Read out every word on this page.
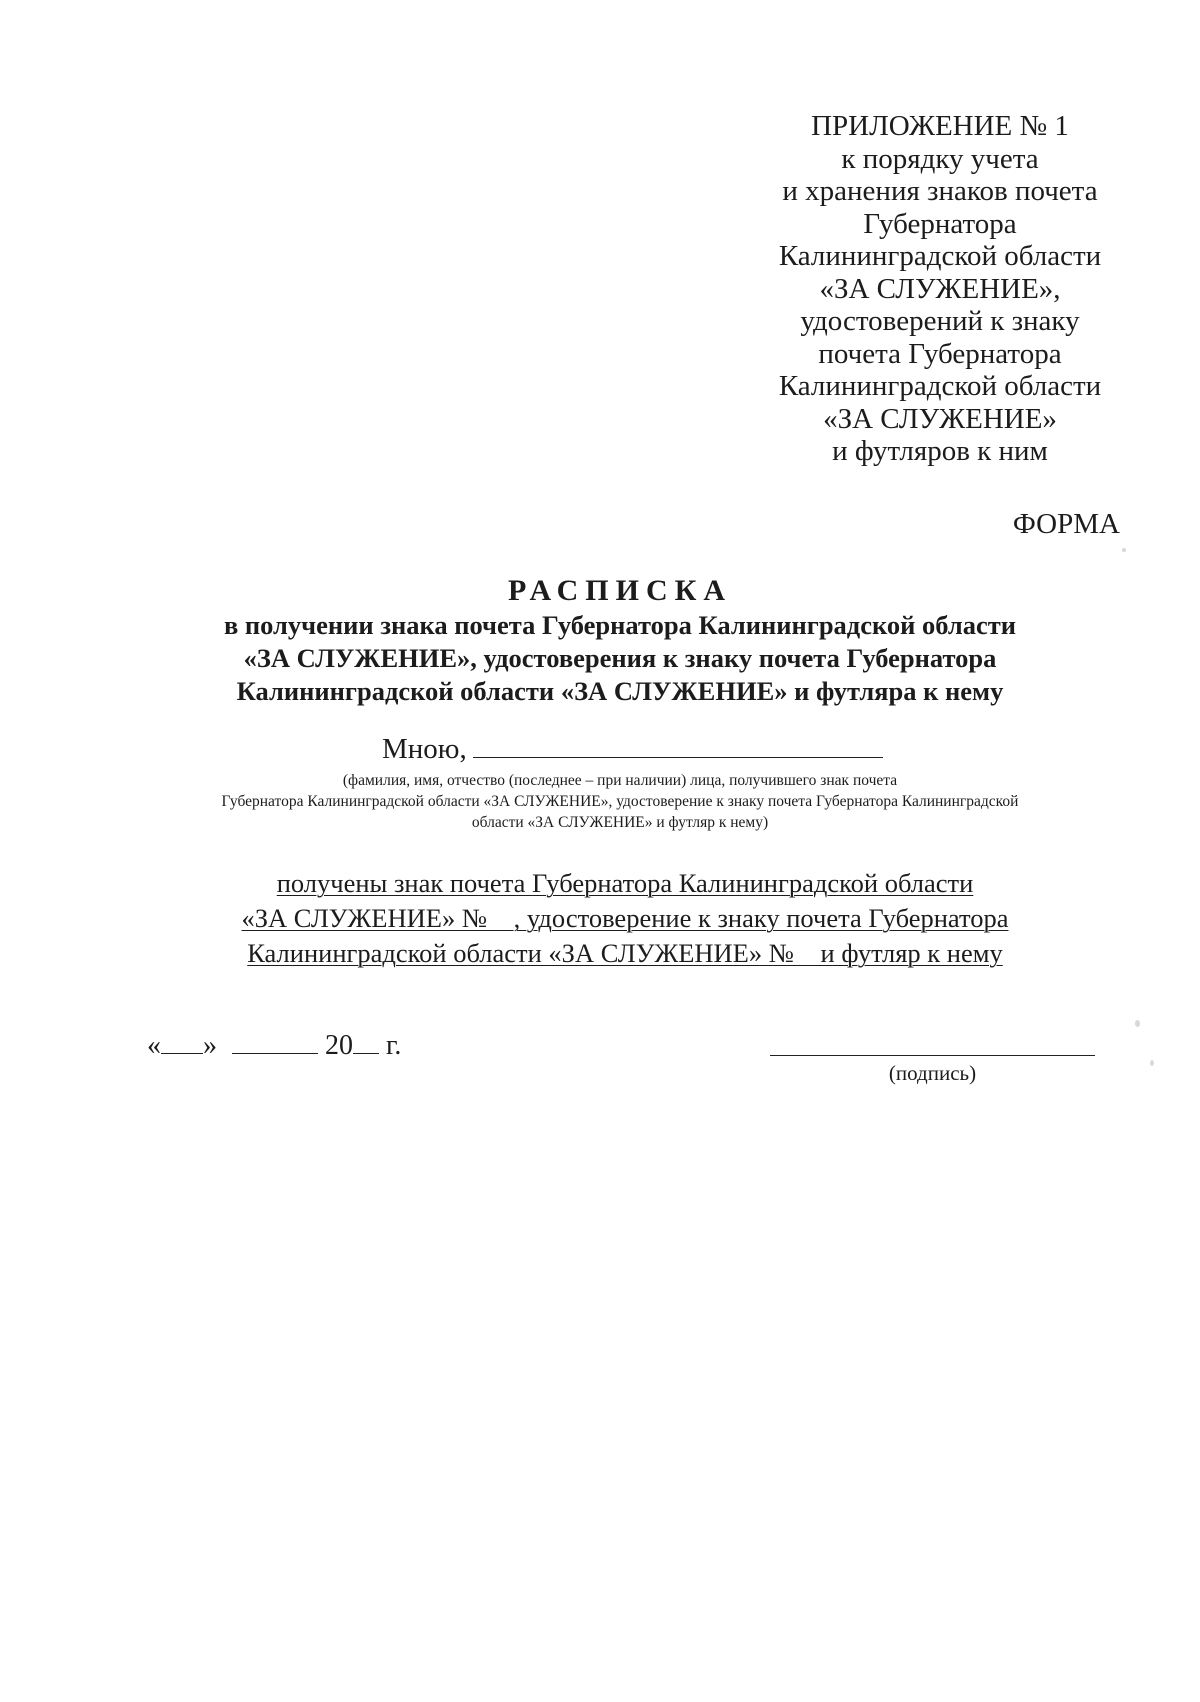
ПРИЛОЖЕНИЕ № 1
к порядку учета
и хранения знаков почета
Губернатора
Калининградской области
«ЗА СЛУЖЕНИЕ»,
удостоверений к знаку
почета Губернатора
Калининградской области
«ЗА СЛУЖЕНИЕ»
и футляров к ним
ФОРМА
РАСПИСКА
в получении знака почета Губернатора Калининградской области
«ЗА СЛУЖЕНИЕ», удостоверения к знаку почета Губернатора
Калининградской области «ЗА СЛУЖЕНИЕ» и футляра к нему
Мною,
(фамилия, имя, отчество (последнее – при наличии) лица, получившего знак почета
Губернатора Калининградской области «ЗА СЛУЖЕНИЕ», удостоверение к знаку почета Губернатора Калининградской
области «ЗА СЛУЖЕНИЕ» и футляр к нему)
получены знак почета Губернатора Калининградской области
«ЗА СЛУЖЕНИЕ» №    , удостоверение к знаку почета Губернатора
Калининградской области «ЗА СЛУЖЕНИЕ» №    и футляр к нему
« »	20 г.
(подпись)
